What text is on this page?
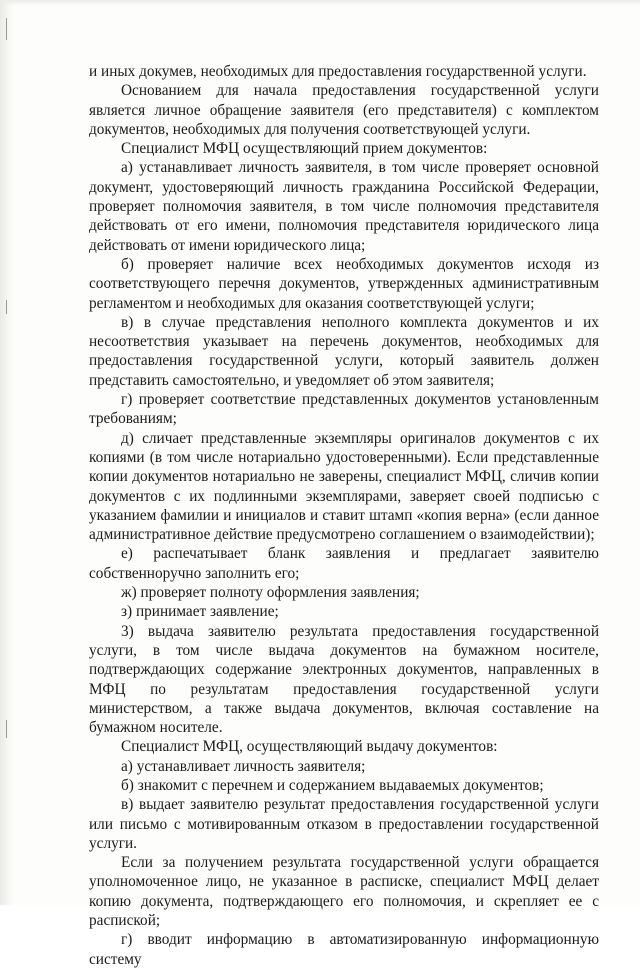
и иных докумев, необходимых для предоставления государственной услуги.

Основанием для начала предоставления государственной услуги является личное обращение заявителя (его представителя) с комплектом документов, необходимых для получения соответствующей услуги.

Специалист МФЦ осуществляющий прием документов:

а) устанавливает личность заявителя, в том числе проверяет основной документ, удостоверяющий личность гражданина Российской Федерации, проверяет полномочия заявителя, в том числе полномочия представителя действовать от его имени, полномочия представителя юридического лица действовать от имени юридического лица;

б) проверяет наличие всех необходимых документов исходя из соответствующего перечня документов, утвержденных административным регламентом и необходимых для оказания соответствующей услуги;

в) в случае представления неполного комплекта документов и их несоответствия указывает на перечень документов, необходимых для предоставления государственной услуги, который заявитель должен представить самостоятельно, и уведомляет об этом заявителя;

г) проверяет соответствие представленных документов установленным требованиям;

д) сличает представленные экземпляры оригиналов документов с их копиями (в том числе нотариально удостоверенными). Если представленные копии документов нотариально не заверены, специалист МФЦ, сличив копии документов с их подлинными экземплярами, заверяет своей подписью с указанием фамилии и инициалов и ставит штамп «копия верна» (если данное административное действие предусмотрено соглашением о взаимодействии);

е) распечатывает бланк заявления и предлагает заявителю собственноручно заполнить его;

ж) проверяет полноту оформления заявления;

з) принимает заявление;

3) выдача заявителю результата предоставления государственной услуги, в том числе выдача документов на бумажном носителе, подтверждающих содержание электронных документов, направленных в МФЦ по результатам предоставления государственной услуги министерством, а также выдача документов, включая составление на бумажном носителе.

Специалист МФЦ, осуществляющий выдачу документов:

а) устанавливает личность заявителя;

б) знакомит с перечнем и содержанием выдаваемых документов;

в) выдает заявителю результат предоставления государственной услуги или письмо с мотивированным отказом в предоставлении государственной услуги.

Если за получением результата государственной услуги обращается уполномоченное лицо, не указанное в расписке, специалист МФЦ делает копию документа, подтверждающего его полномочия, и скрепляет ее с распиской;

г) вводит информацию в автоматизированную информационную систему
